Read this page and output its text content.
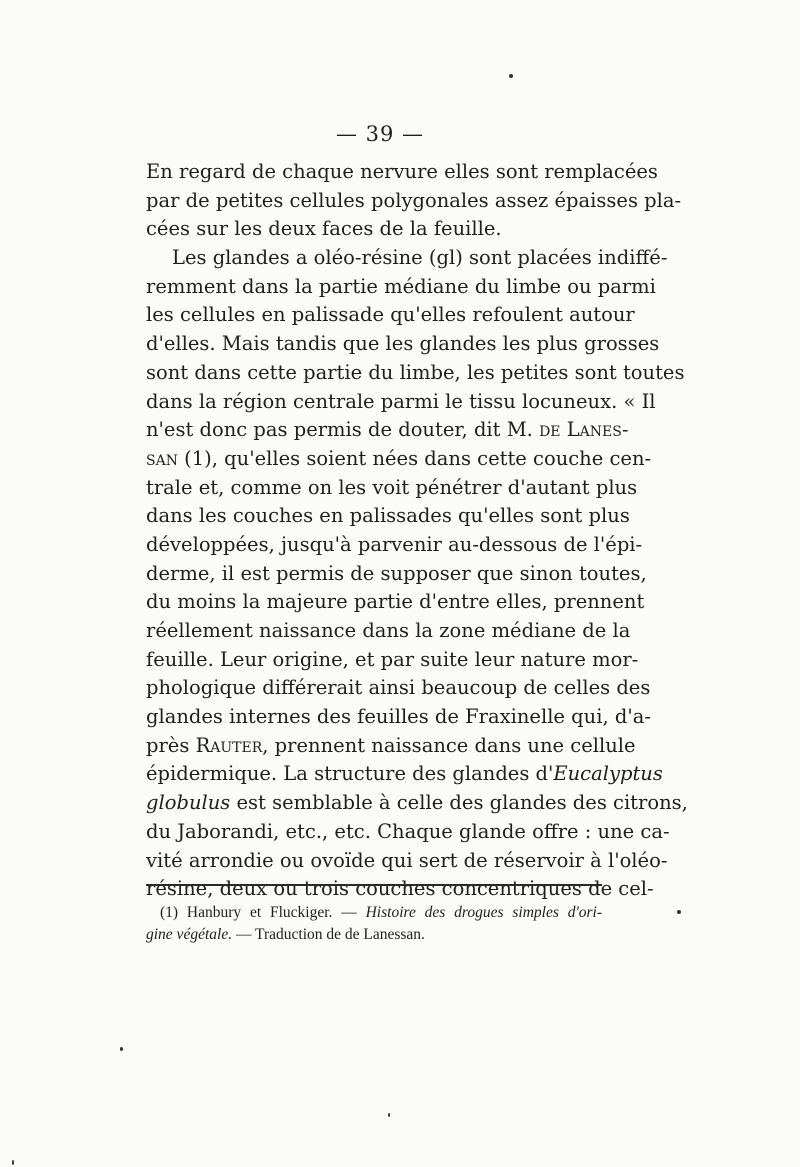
— 39 —
En regard de chaque nervure elles sont remplacées
par de petites cellules polygonales assez épaisses pla-
cées sur les deux faces de la feuille.
Les glandes a oléo-résine (gl) sont placées indiffé-
remment dans la partie médiane du limbe ou parmi
les cellules en palissade qu'elles refoulent autour
d'elles. Mais tandis que les glandes les plus grosses
sont dans cette partie du limbe, les petites sont toutes
dans la région centrale parmi le tissu locuneux. « Il
n'est donc pas permis de douter, dit M. de Lanes-
san (1), qu'elles soient nées dans cette couche cen-
trale et, comme on les voit pénétrer d'autant plus
dans les couches en palissades qu'elles sont plus
développées, jusqu'à parvenir au-dessous de l'épi-
derme, il est permis de supposer que sinon toutes,
du moins la majeure partie d'entre elles, prennent
réellement naissance dans la zone médiane de la
feuille. Leur origine, et par suite leur nature mor-
phologique différerait ainsi beaucoup de celles des
glandes internes des feuilles de Fraxinelle qui, d'a-
près Rauter, prennent naissance dans une cellule
épidermique. La structure des glandes d'Eucalyptus
globulus est semblable à celle des glandes des citrons,
du Jaborandi, etc., etc. Chaque glande offre : une ca-
vité arrondie ou ovoïde qui sert de réservoir à l'oléo-
résine, deux ou trois couches concentriques de cel-
(1) Hanbury et Fluckiger. — Histoire des drogues simples d'ori-
gine végétale. — Traduction de de Lanessan.
